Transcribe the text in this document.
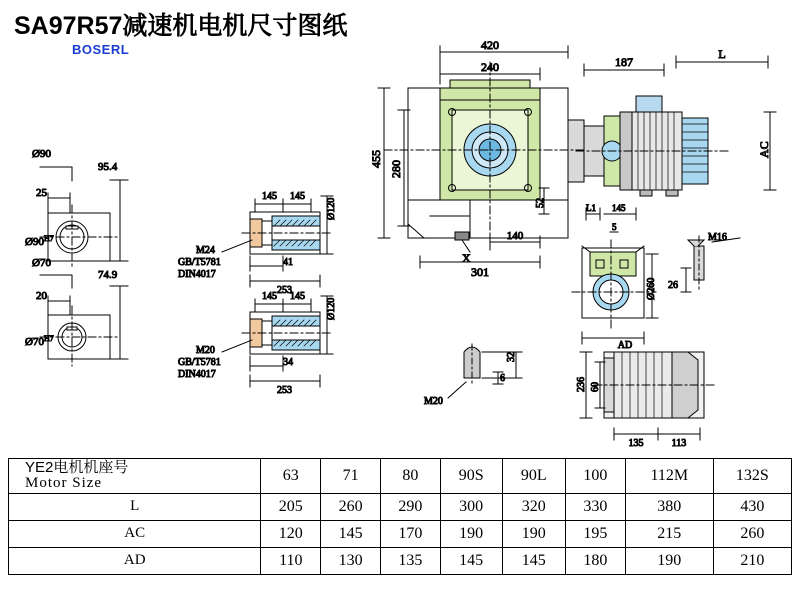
SA97R57减速机电机尺寸图纸
BOSERL
Ø90
25
95.4
$Ø90^{H7}$
Ø70
20
74.9
$Ø70^{H7}$
145 145
Ø120
M24
GB/T5781
DIN4017
41
253
145 145
Ø120
M20
GB/T5781
DIN4017
34
253
420
240
455
280
52
140
301
X
187
L
AC
L1 145
5
Ø260
AD
M16
26
32
6
M20
236 60
135	113
YE2电机机座号
Motor Size	63	71	80	90S	90L	100	112M	132S
L	205	260	290	300	320	330	380	430
AC	120	145	170	190	190	195	215	260
AD	110	130	135	145	145	180	190	210
